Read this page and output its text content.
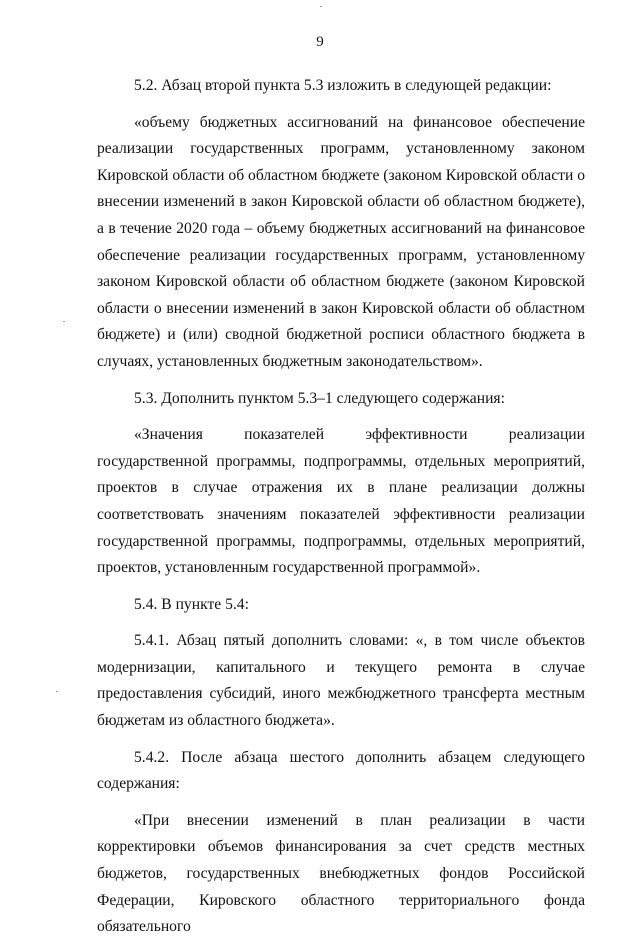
9

5.2. Абзац второй пункта 5.3 изложить в следующей редакции:

«объему бюджетных ассигнований на финансовое обеспечение реализации государственных программ, установленному законом Кировской области об областном бюджете (законом Кировской области о внесении изменений в закон Кировской области об областном бюджете), а в течение 2020 года – объему бюджетных ассигнований на финансовое обеспечение реализации государственных программ, установленному законом Кировской области об областном бюджете (законом Кировской области о внесении изменений в закон Кировской области об областном бюджете) и (или) сводной бюджетной росписи областного бюджета в случаях, установленных бюджетным законодательством».

5.3. Дополнить пунктом 5.3–1 следующего содержания:

«Значения показателей эффективности реализации государственной программы, подпрограммы, отдельных мероприятий, проектов в случае отражения их в плане реализации должны соответствовать значениям показателей эффективности реализации государственной программы, подпрограммы, отдельных мероприятий, проектов, установленным государственной программой».

5.4. В пункте 5.4:

5.4.1. Абзац пятый дополнить словами: «, в том числе объектов модернизации, капитального и текущего ремонта в случае предоставления субсидий, иного межбюджетного трансферта местным бюджетам из областного бюджета».

5.4.2. После абзаца шестого дополнить абзацем следующего содержания:

«При внесении изменений в план реализации в части корректировки объемов финансирования за счет средств местных бюджетов, государственных внебюджетных фондов Российской Федерации, Кировского областного территориального фонда обязательного
